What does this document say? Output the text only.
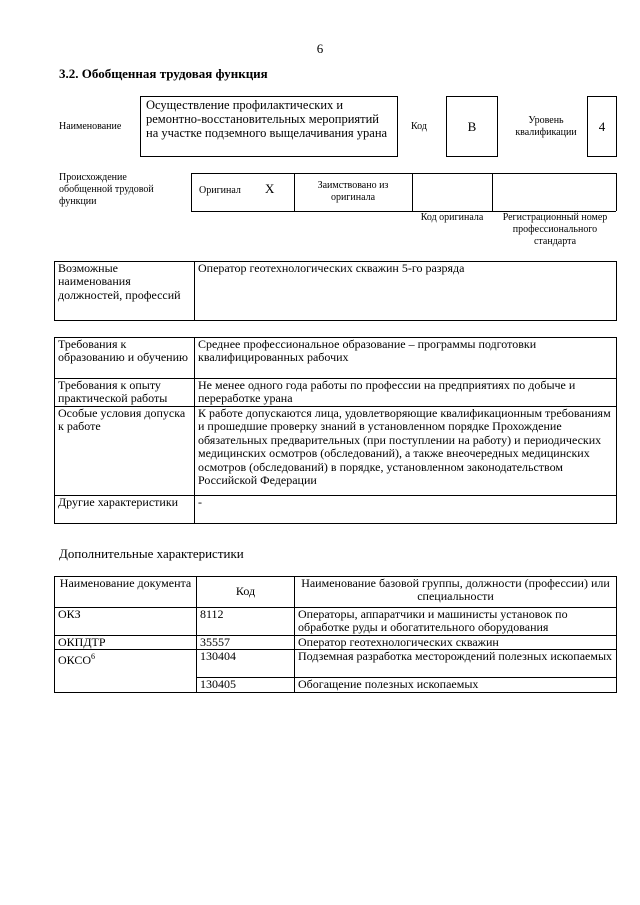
6
3.2. Обобщенная трудовая функция
Наименование
Осуществление профилактических и ремонтно-восстановительных мероприятий на участке подземного выщелачивания урана	Код	B	Уровень квалификации	4
Происхождение обобщенной трудовой функции
Оригинал X	Заимствовано из оригинала
Код оригинала	Регистрационный номер профессионального стандарта
Возможные наименования должностей, профессий	Оператор геотехнологических скважин 5-го разряда
Требования к образованию и обучению	Среднее профессиональное образование – программы подготовки квалифицированных рабочих
Требования к опыту практической работы	Не менее одного года работы по профессии на предприятиях по добыче и переработке урана
Особые условия допуска к работе	К работе допускаются лица, удовлетворяющие квалификационным требованиям и прошедшие проверку знаний в установленном порядке Прохождение обязательных предварительных (при поступлении на работу) и периодических медицинских осмотров (обследований), а также внеочередных медицинских осмотров (обследований) в порядке, установленном законодательством Российской Федерации
Другие характеристики	-
Дополнительные характеристики
Наименование документа	Код	Наименование базовой группы, должности (профессии) или специальности
ОКЗ	8112	Операторы, аппаратчики и машинисты установок по обработке руды и обогатительного оборудования
ОКПДТР	35557	Оператор геотехнологических скважин
ОКСО$^6$	130404	Подземная разработка месторождений полезных ископаемых
	130405	Обогащение полезных ископаемых
